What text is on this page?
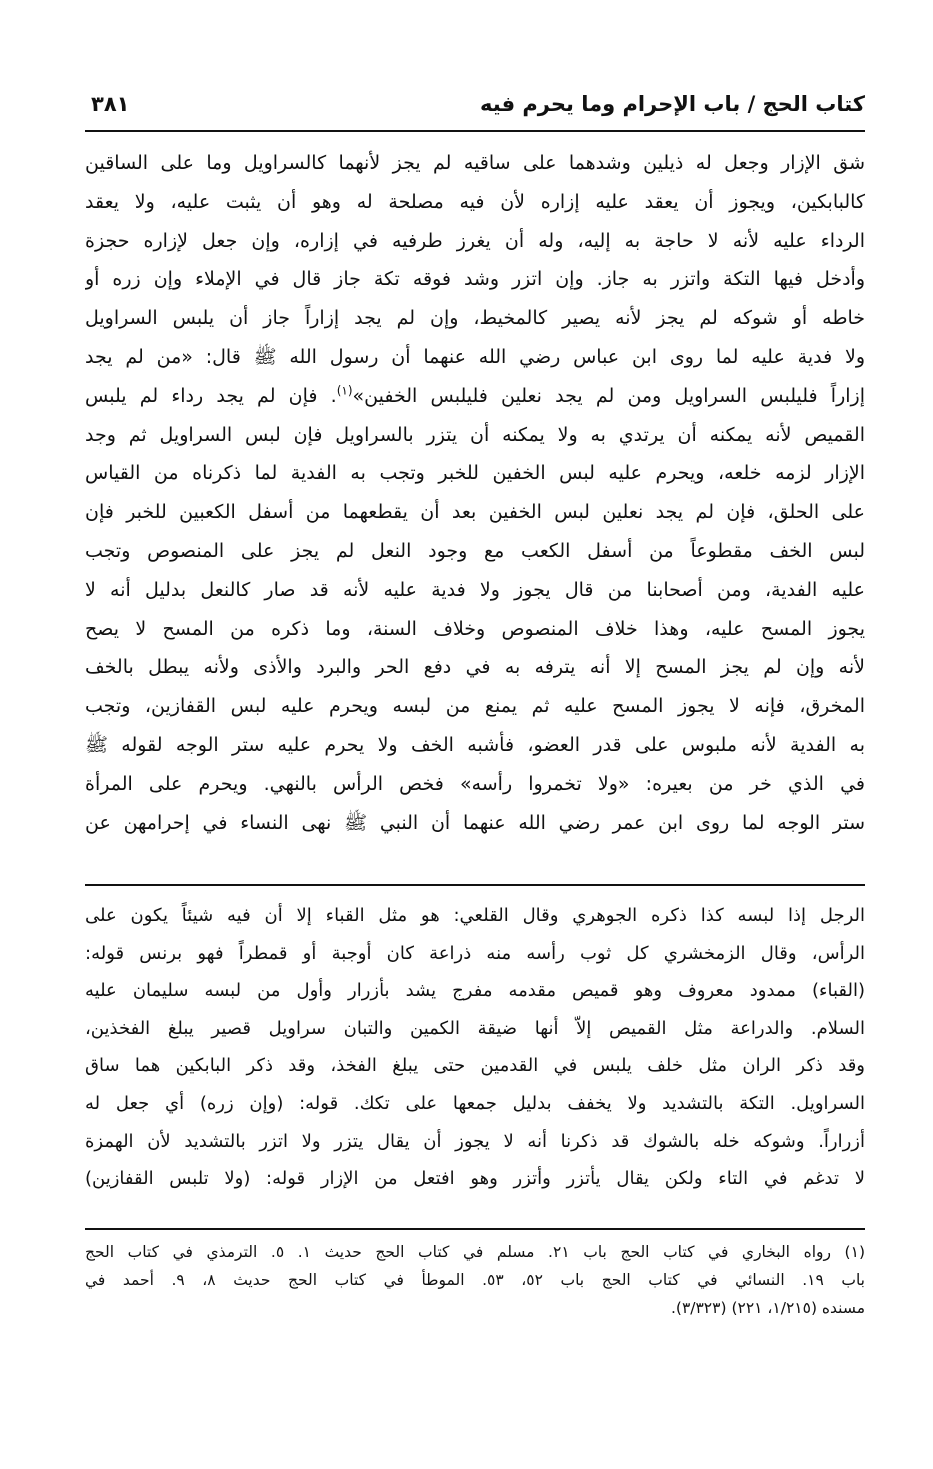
كتاب الحج / باب الإحرام وما يحرم فيه
٣٨١
شق الإزار وجعل له ذيلين وشدهما على ساقيه لم يجز لأنهما كالسراويل وما على الساقين
كالبابكين، ويجوز أن يعقد عليه إزاره لأن فيه مصلحة له وهو أن يثبت عليه، ولا يعقد
الرداء عليه لأنه لا حاجة به إليه، وله أن يغرز طرفيه في إزاره، وإن جعل لإزاره حجزة
وأدخل فيها التكة واتزر به جاز. وإن اتزر وشد فوقه تكة جاز قال في الإملاء وإن زره أو
خاطه أو شوكه لم يجز لأنه يصير كالمخيط، وإن لم يجد إزاراً جاز أن يلبس السراويل
ولا فدية عليه لما روى ابن عباس رضي الله عنهما أن رسول الله ﷺ قال: «من لم يجد
إزاراً فليلبس السراويل ومن لم يجد نعلين فليلبس الخفين»$^{(١)}$. فإن لم يجد رداء لم يلبس
القميص لأنه يمكنه أن يرتدي به ولا يمكنه أن يتزر بالسراويل فإن لبس السراويل ثم وجد
الإزار لزمه خلعه، ويحرم عليه لبس الخفين للخبر وتجب به الفدية لما ذكرناه من القياس
على الحلق، فإن لم يجد نعلين لبس الخفين بعد أن يقطعهما من أسفل الكعبين للخبر فإن
لبس الخف مقطوعاً من أسفل الكعب مع وجود النعل لم يجز على المنصوص وتجب
عليه الفدية، ومن أصحابنا من قال يجوز ولا فدية عليه لأنه قد صار كالنعل بدليل أنه لا
يجوز المسح عليه، وهذا خلاف المنصوص وخلاف السنة، وما ذكره من المسح لا يصح
لأنه وإن لم يجز المسح إلا أنه يترفه به في دفع الحر والبرد والأذى ولأنه يبطل بالخف
المخرق، فإنه لا يجوز المسح عليه ثم يمنع من لبسه ويحرم عليه لبس القفازين، وتجب
به الفدية لأنه ملبوس على قدر العضو، فأشبه الخف ولا يحرم عليه ستر الوجه لقوله ﷺ
في الذي خر من بعيره: «ولا تخمروا رأسه» فخص الرأس بالنهي. ويحرم على المرأة
ستر الوجه لما روى ابن عمر رضي الله عنهما أن النبي ﷺ نهى النساء في إحرامهن عن
الرجل إذا لبسه كذا ذكره الجوهري وقال القلعي: هو مثل القباء إلا أن فيه شيئاً يكون على
الرأس، وقال الزمخشري كل ثوب رأسه منه ذراعة كان أوجبة أو قمطراً فهو برنس قوله:
(القباء) ممدود معروف وهو قميص مقدمه مفرج يشد بأزرار وأول من لبسه سليمان عليه
السلام. والدراعة مثل القميص إلاّ أنها ضيقة الكمين والتبان سراويل قصير يبلغ الفخذين،
وقد ذكر الران مثل خلف يلبس في القدمين حتى يبلغ الفخذ، وقد ذكر البابكين هما ساق
السراويل. التكة بالتشديد ولا يخفف بدليل جمعها على تكك. قوله: (وإن زره) أي جعل له
أزراراً. وشوكه خله بالشوك قد ذكرنا أنه لا يجوز أن يقال يتزر ولا اتزر بالتشديد لأن الهمزة
لا تدغم في التاء ولكن يقال يأتزر وأتزر وهو افتعل من الإزار قوله: (ولا تلبس القفازين)
(١) رواه البخاري في كتاب الحج باب ٢١. مسلم في كتاب الحج حديث ١. ٥. الترمذي في كتاب الحج
باب ١٩. النسائي في كتاب الحج باب ٥٢، ٥٣. الموطأ في كتاب الحج حديث ٨، ٩. أحمد في
مسنده (١/٢١٥، ٢٢١) (٣/٣٢٣).
